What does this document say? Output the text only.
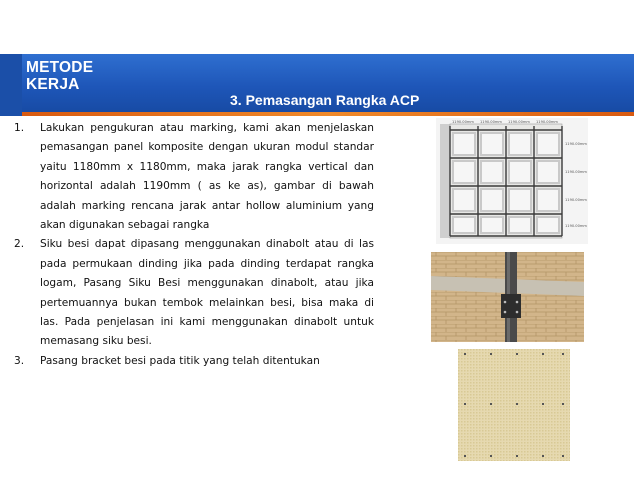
METODE
KERJA
3. Pemasangan Rangka ACP
1.	Lakukan pengukuran atau marking, kami akan menjelaskan pemasangan panel komposite dengan ukuran modul standar yaitu 1180mm x 1180mm, maka jarak rangka vertical dan horizontal adalah 1190mm ( as ke as), gambar di bawah adalah marking rencana jarak antar hollow aluminium yang akan digunakan sebagai rangka
2.	Siku besi dapat dipasang menggunakan dinabolt atau di las pada permukaan dinding jika pada dinding terdapat rangka logam, Pasang Siku Besi menggunakan dinabolt, atau jika pertemuannya bukan tembok melainkan besi, bisa maka di las. Pada penjelasan ini kami menggunakan dinabolt untuk memasang siku besi.
3.	Pasang bracket besi pada titik yang telah ditentukan
1190.00mm 1190.00mm 1190.00mm 1190.00mm
1190.00mm
1190.00mm
1190.00mm
1190.00mm
